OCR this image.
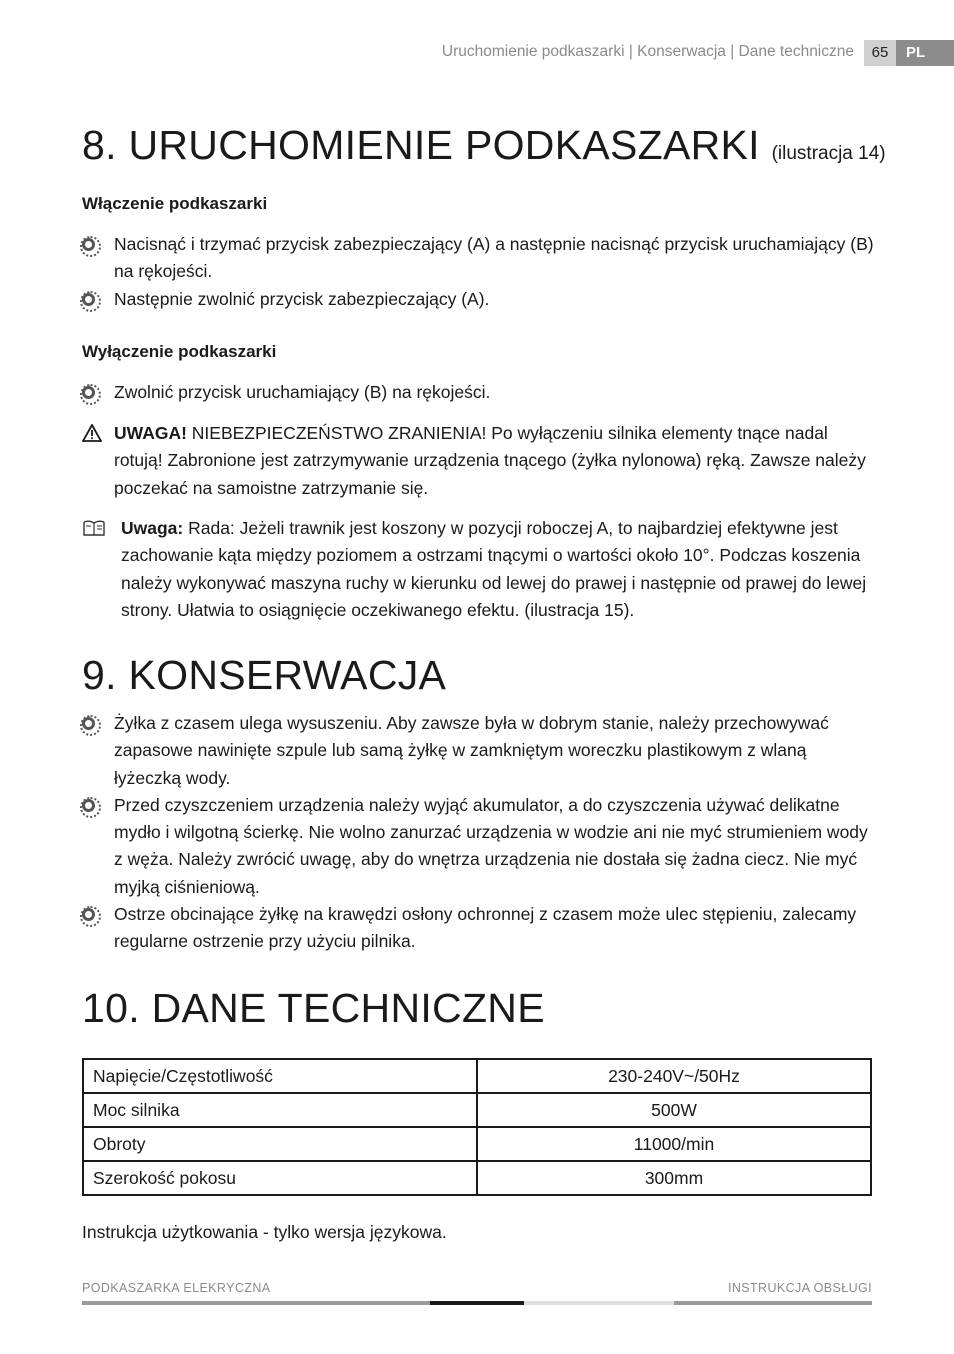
Uruchomienie podkaszarki | Konserwacja | Dane techniczne	65	PL
8. URUCHOMIENIE PODKASZARKI (ilustracja 14)
Włączenie podkaszarki
Nacisnąć i trzymać przycisk zabezpieczający (A) a następnie nacisnąć przycisk uruchamiający (B) na rękojeści.
Następnie zwolnić przycisk zabezpieczający (A).
Wyłączenie podkaszarki
Zwolnić przycisk uruchamiający (B) na rękojeści.
UWAGA! NIEBEZPIECZEŃSTWO ZRANIENIA! Po wyłączeniu silnika elementy tnące nadal rotują! Zabronione jest zatrzymywanie urządzenia tnącego (żyłka nylonowa) ręką. Zawsze należy poczekać na samoistne zatrzymanie się.
Uwaga: Rada: Jeżeli trawnik jest koszony w pozycji roboczej A, to najbardziej efektywne jest zachowanie kąta między poziomem a ostrzami tnącymi o wartości około 10°. Podczas koszenia należy wykonywać maszyna ruchy w kierunku od lewej do prawej i następnie od prawej do lewej strony. Ułatwia to osiągnięcie oczekiwanego efektu. (ilustracja 15).
9. KONSERWACJA
Żyłka z czasem ulega wysuszeniu. Aby zawsze była w dobrym stanie, należy przechowywać zapasowe nawinięte szpule lub samą żyłkę w zamkniętym woreczku plastikowym z wlaną łyżeczką wody.
Przed czyszczeniem urządzenia należy wyjąć akumulator, a do czyszczenia używać delikatne mydło i wilgotną ścierkę. Nie wolno zanurzać urządzenia w wodzie ani nie myć strumieniem wody z węża. Należy zwrócić uwagę, aby do wnętrza urządzenia nie dostała się żadna ciecz. Nie myć myjką ciśnieniową.
Ostrze obcinające żyłkę na krawędzi osłony ochronnej z czasem może ulec stępieniu, zalecamy regularne ostrzenie przy użyciu pilnika.
10. DANE TECHNICZNE
Napięcie/Częstotliwość	230-240V~/50Hz
Moc silnika	500W
Obroty	11000/min
Szerokość pokosu	300mm
Instrukcja użytkowania - tylko wersja językowa.
PODKASZARKA ELEKRYCZNA	INSTRUKCJA OBSŁUGI
